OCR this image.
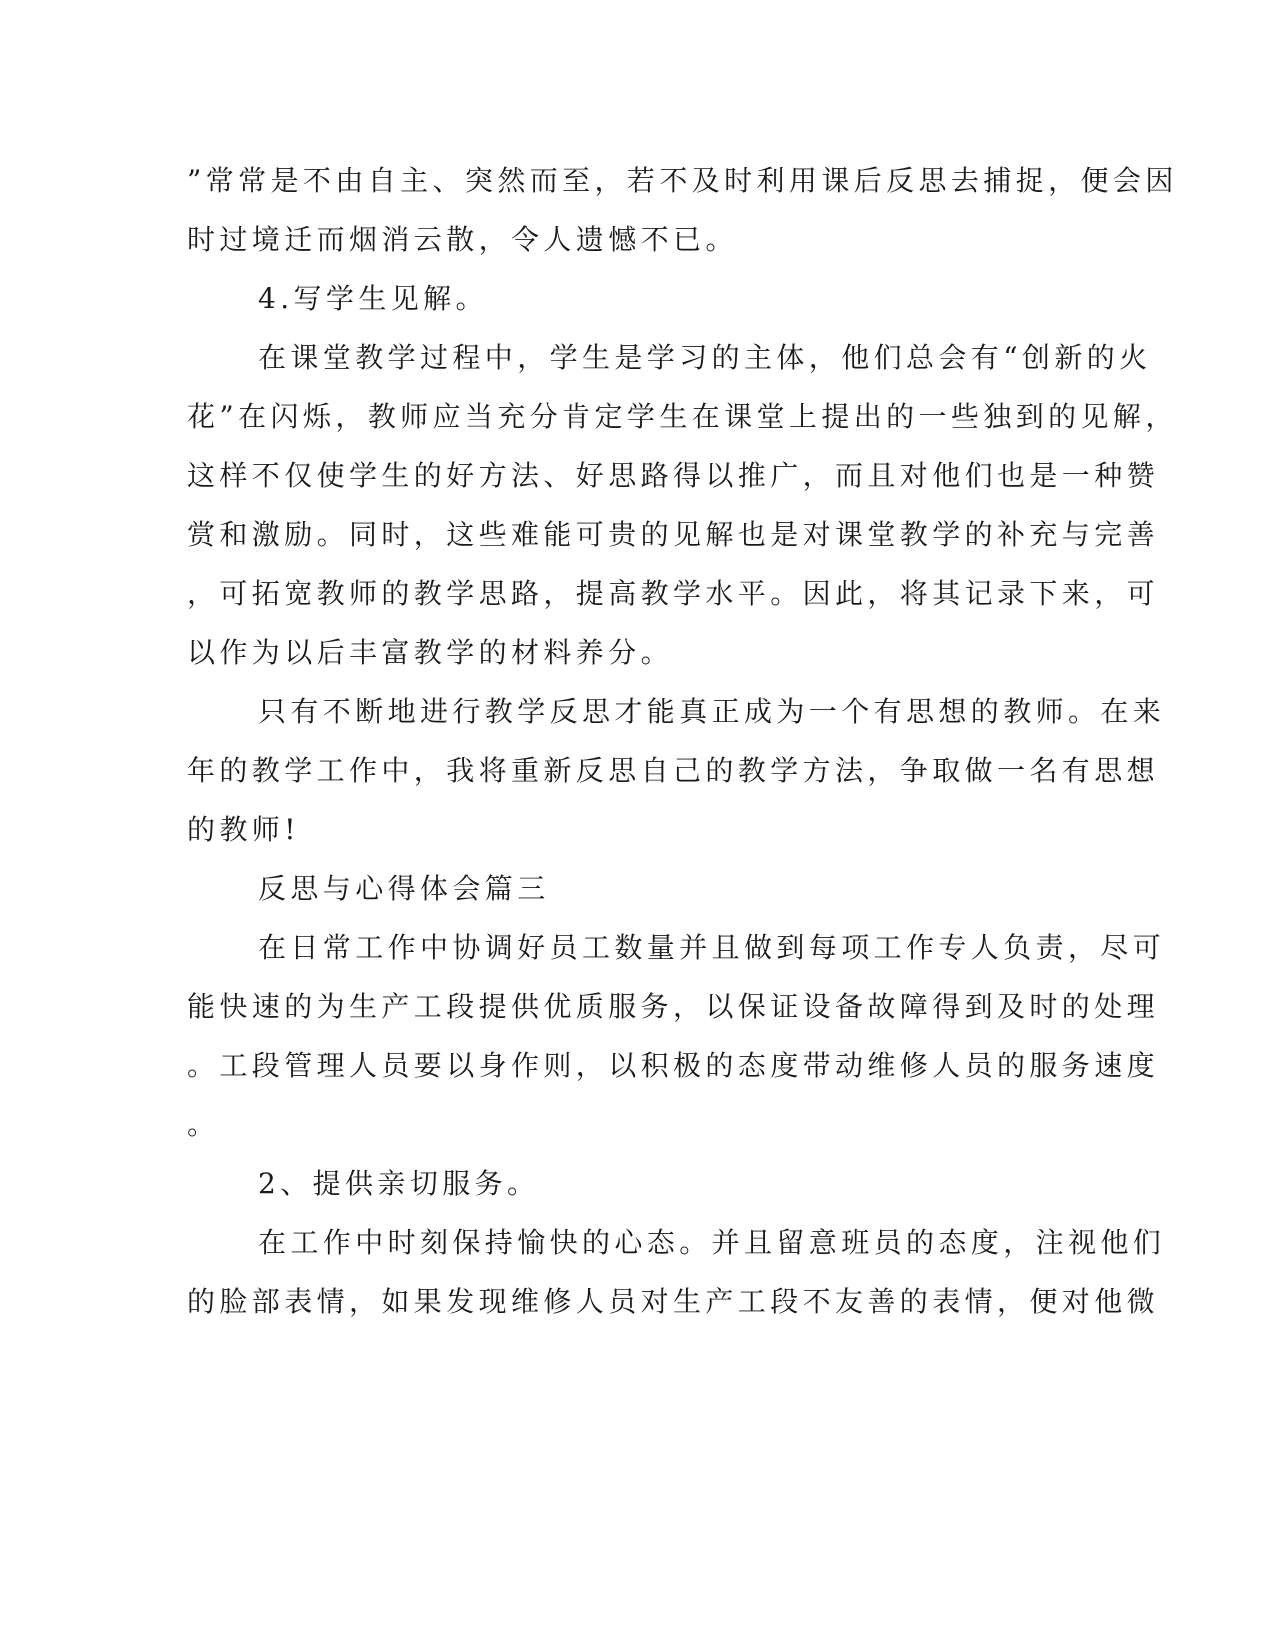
”常常是不由自主、突然而至，若不及时利用课后反思去捕捉，便会因
时过境迁而烟消云散，令人遗憾不已。
4.写学生见解。
在课堂教学过程中，学生是学习的主体，他们总会有“创新的火
花”在闪烁，教师应当充分肯定学生在课堂上提出的一些独到的见解，
这样不仅使学生的好方法、好思路得以推广，而且对他们也是一种赞
赏和激励。同时，这些难能可贵的见解也是对课堂教学的补充与完善
，可拓宽教师的教学思路，提高教学水平。因此，将其记录下来，可
以作为以后丰富教学的材料养分。
只有不断地进行教学反思才能真正成为一个有思想的教师。在来
年的教学工作中，我将重新反思自己的教学方法，争取做一名有思想
的教师!
反思与心得体会篇三
在日常工作中协调好员工数量并且做到每项工作专人负责，尽可
能快速的为生产工段提供优质服务，以保证设备故障得到及时的处理
。工段管理人员要以身作则，以积极的态度带动维修人员的服务速度
。
2、提供亲切服务。
在工作中时刻保持愉快的心态。并且留意班员的态度，注视他们
的脸部表情，如果发现维修人员对生产工段不友善的表情，便对他微
